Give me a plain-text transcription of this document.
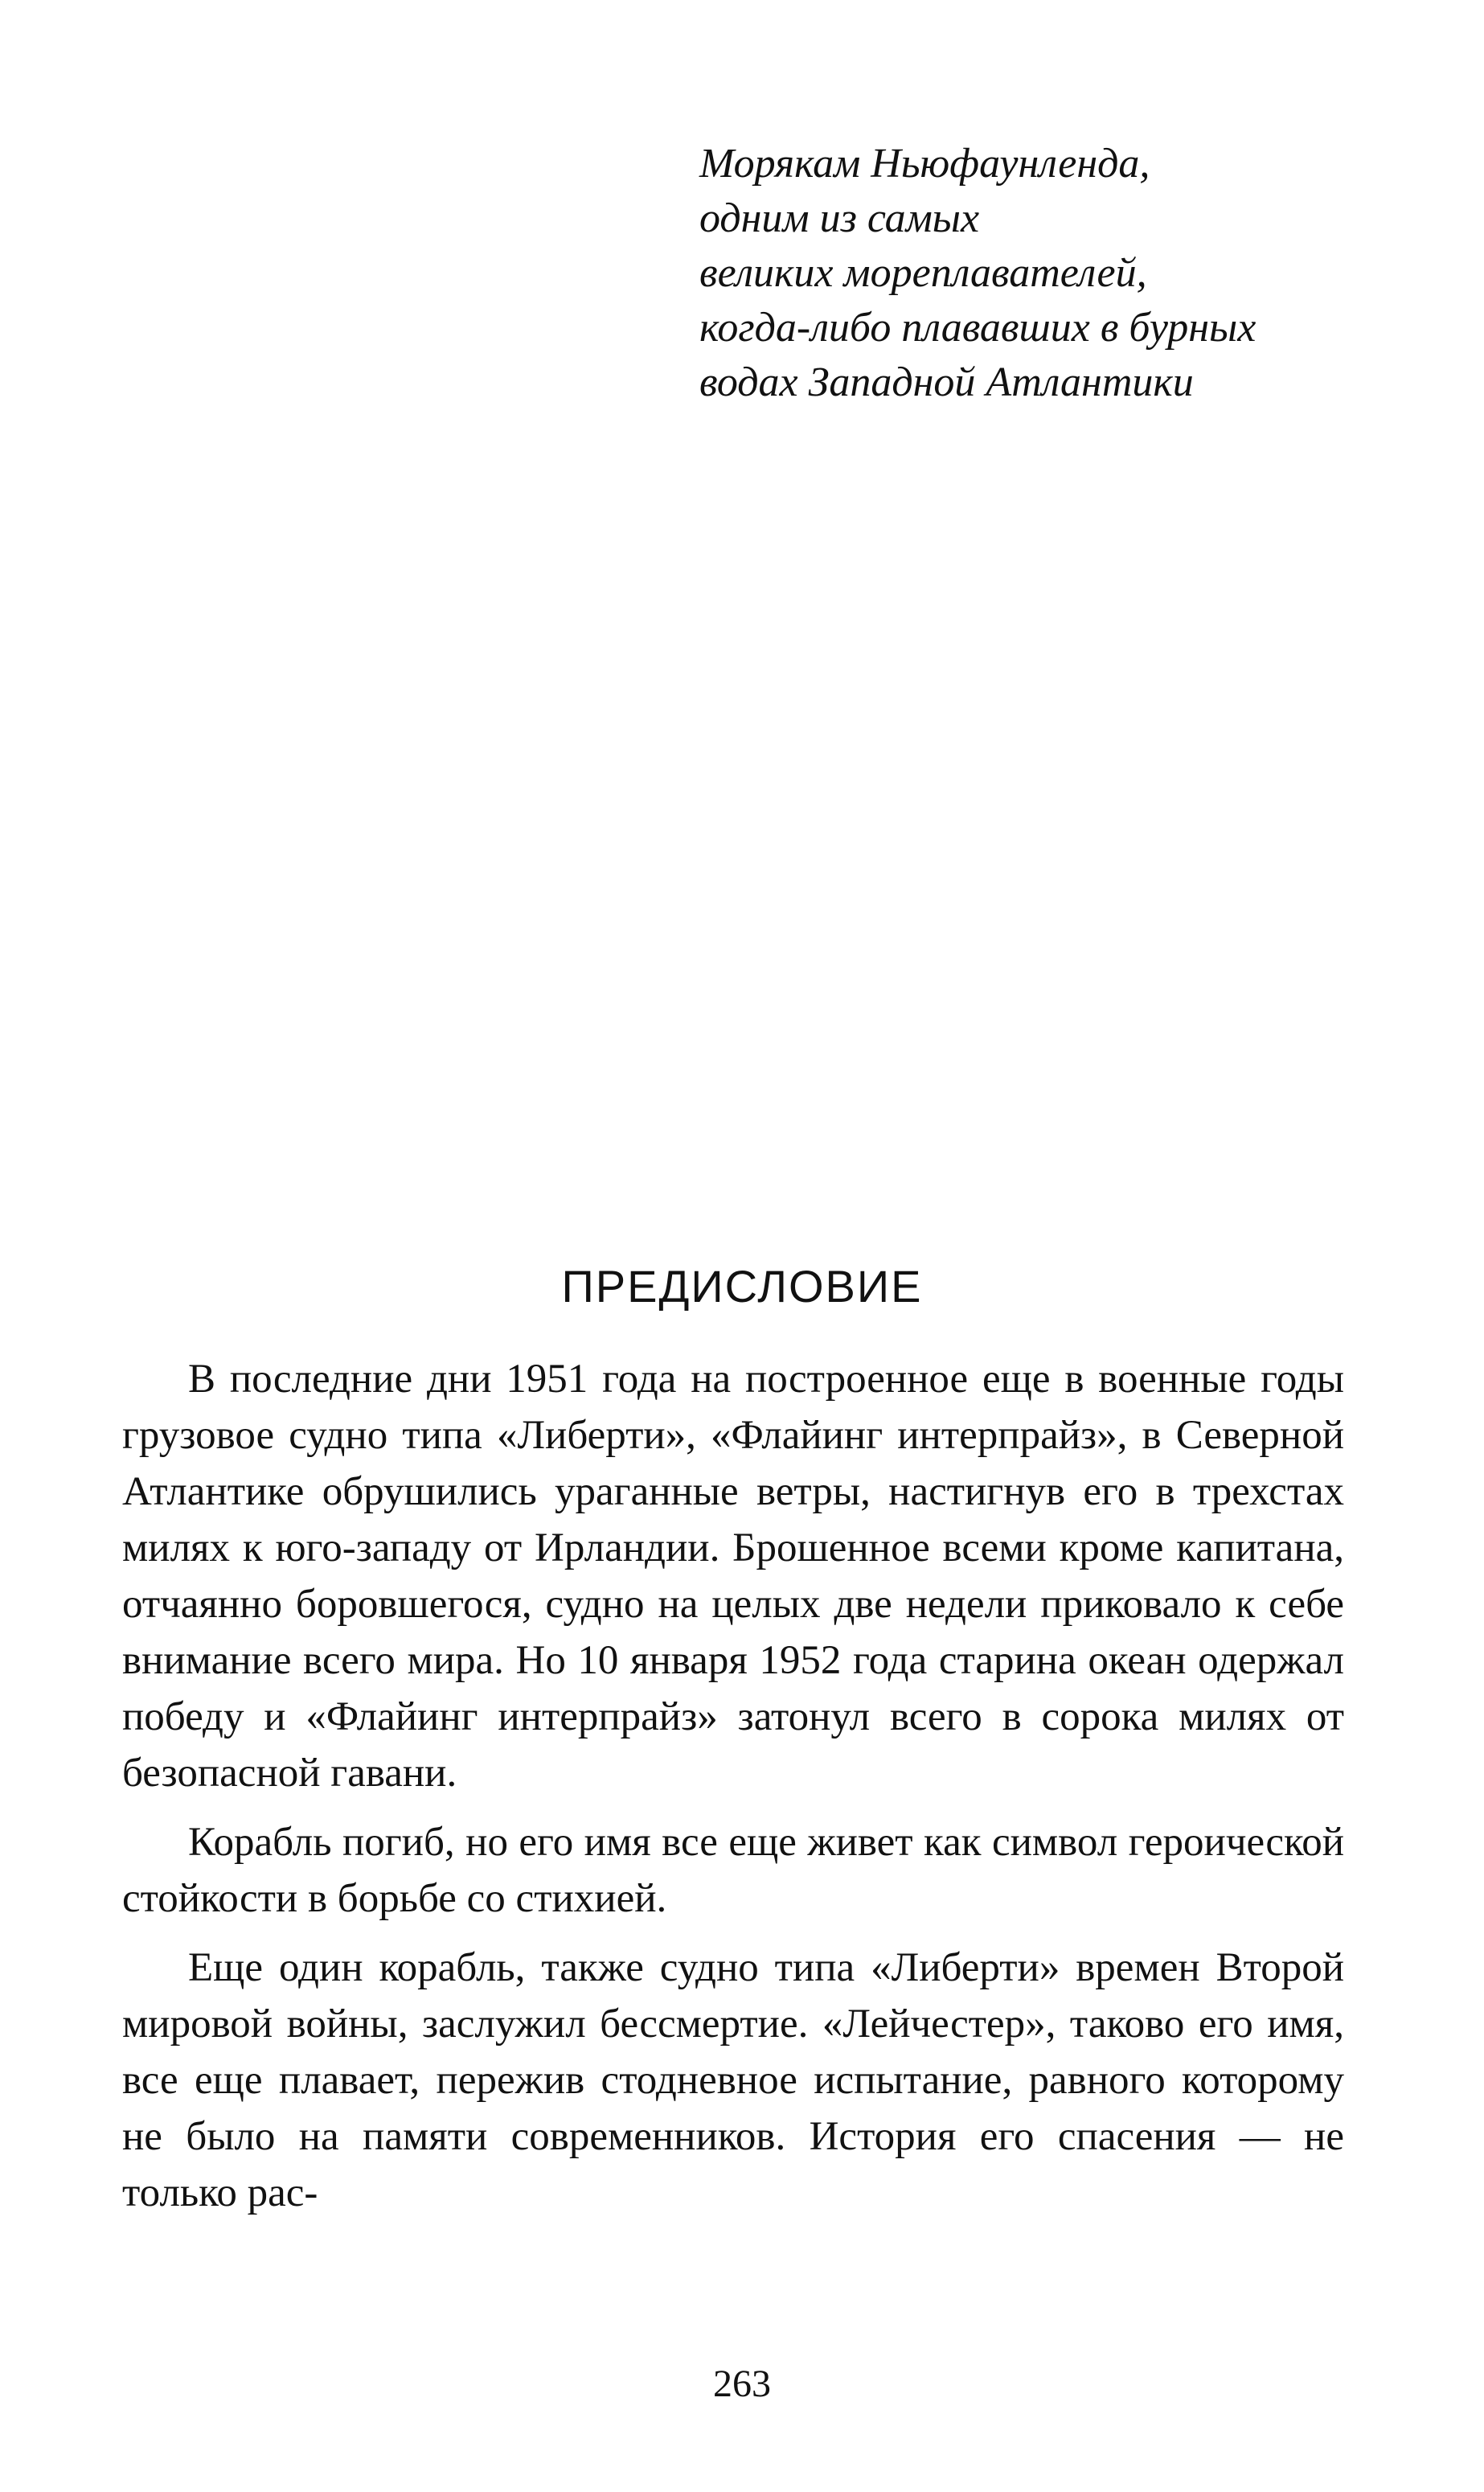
Морякам Ньюфаунленда,
одним из самых
великих мореплавателей,
когда-либо плававших в бурных
водах Западной Атлантики
ПРЕДИСЛОВИЕ

В последние дни 1951 года на построенное еще в военные годы грузовое судно типа «Либерти», «Флайинг интерпрайз», в Северной Атлантике обрушились ураганные ветры, настигнув его в трехстах милях к юго-западу от Ирландии. Брошенное всеми кроме капитана, отчаянно боровшегося, судно на целых две недели приковало к себе внимание всего мира. Но 10 января 1952 года старина океан одержал победу и «Флайинг интерпрайз» затонул всего в сорока милях от безопасной гавани.

Корабль погиб, но его имя все еще живет как символ героической стойкости в борьбе со стихией.

Еще один корабль, также судно типа «Либерти» времен Второй мировой войны, заслужил бессмертие. «Лейчестер», таково его имя, все еще плавает, пережив стодневное испытание, равного которому не было на памяти современников. История его спасения — не только рас-

263
